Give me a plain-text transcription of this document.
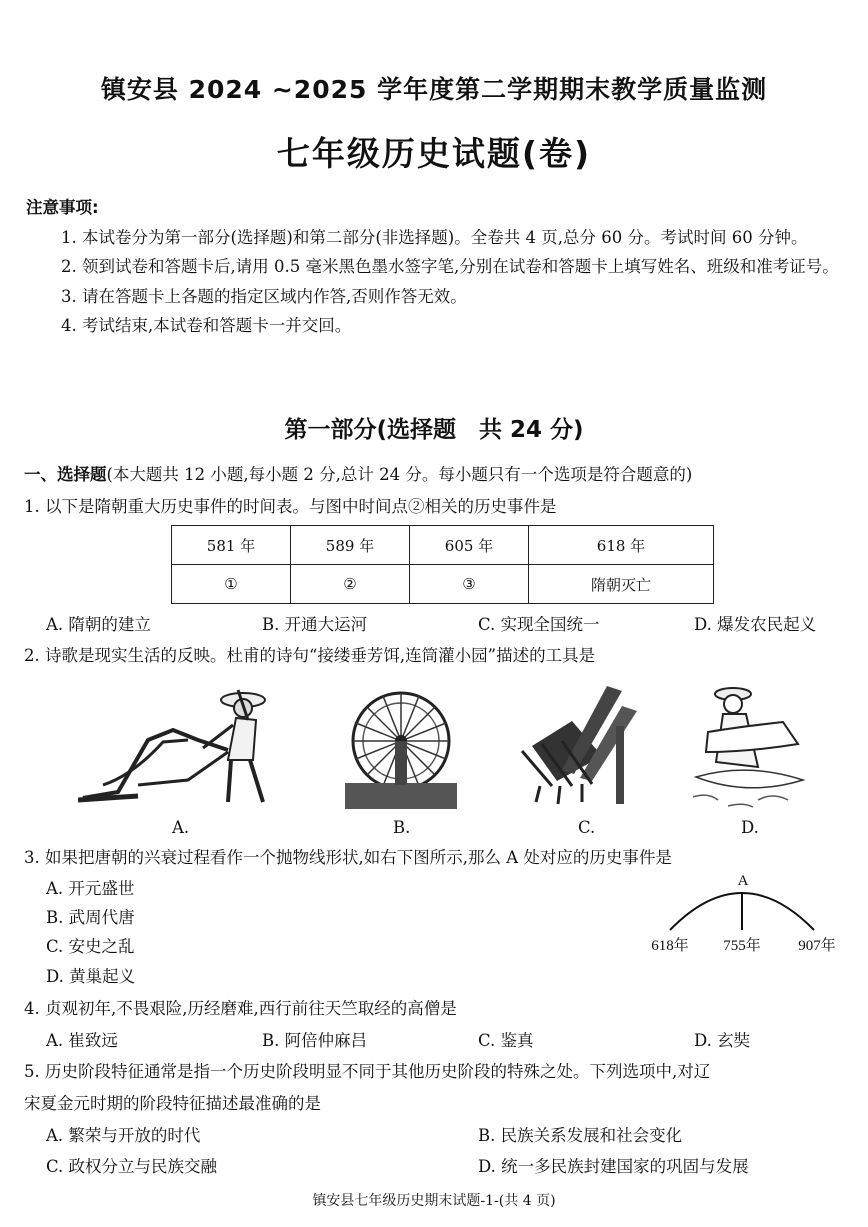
镇安县 2024 ~2025 学年度第二学期期末教学质量监测
七年级历史试题(卷)
注意事项:
1. 本试卷分为第一部分(选择题)和第二部分(非选择题)。全卷共 4 页,总分 60 分。考试时间 60 分钟。
2. 领到试卷和答题卡后,请用 0.5 毫米黑色墨水签字笔,分别在试卷和答题卡上填写姓名、班级和准考证号。
3. 请在答题卡上各题的指定区域内作答,否则作答无效。
4. 考试结束,本试卷和答题卡一并交回。
第一部分(选择题　共 24 分)
一、选择题(本大题共 12 小题,每小题 2 分,总计 24 分。每小题只有一个选项是符合题意的)
1. 以下是隋朝重大历史事件的时间表。与图中时间点②相关的历史事件是
581 年	589 年	605 年	618 年
①	②	③	隋朝灭亡
A. 隋朝的建立	B. 开通大运河	C. 实现全国统一	D. 爆发农民起义
2. 诗歌是现实生活的反映。杜甫的诗句“接缕垂芳饵,连筒灌小园”描述的工具是
A.	B.	C.	D.
3. 如果把唐朝的兴衰过程看作一个抛物线形状,如右下图所示,那么 A 处对应的历史事件是
A. 开元盛世
B. 武周代唐
C. 安史之乱
D. 黄巢起义
A
618年 755年 907年
4. 贞观初年,不畏艰险,历经磨难,西行前往天竺取经的高僧是
A. 崔致远	B. 阿倍仲麻吕	C. 鉴真	D. 玄奘
5. 历史阶段特征通常是指一个历史阶段明显不同于其他历史阶段的特殊之处。下列选项中,对辽
宋夏金元时期的阶段特征描述最准确的是
A. 繁荣与开放的时代	B. 民族关系发展和社会变化
C. 政权分立与民族交融	D. 统一多民族封建国家的巩固与发展
镇安县七年级历史期末试题-1-(共 4 页)
